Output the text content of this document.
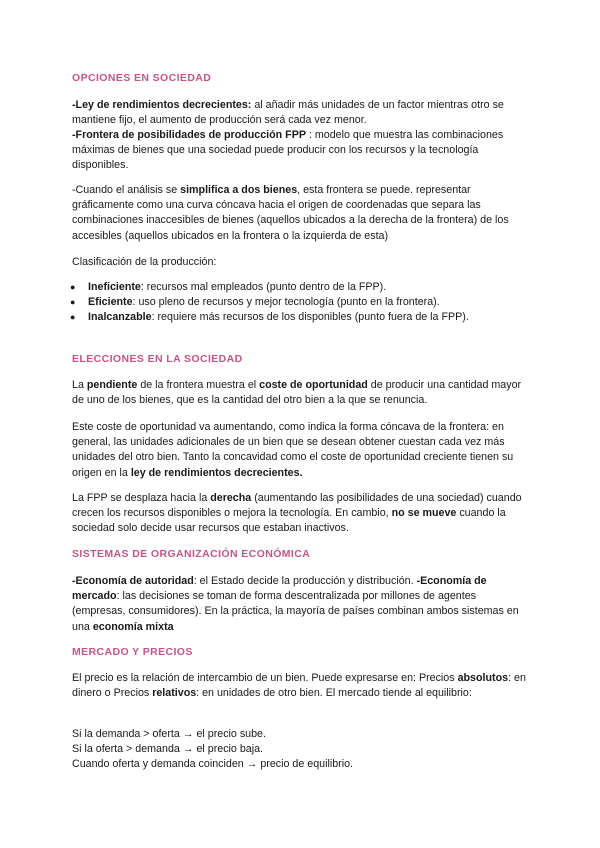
OPCIONES EN SOCIEDAD
-Ley de rendimientos decrecientes: al añadir más unidades de un factor mientras otro se mantiene fijo, el aumento de producción será cada vez menor.
-Frontera de posibilidades de producción FPP : modelo que muestra las combinaciones máximas de bienes que una sociedad puede producir con los recursos y la tecnología disponibles.
-Cuando el análisis se simplifica a dos bienes, esta frontera se puede. representar gráficamente como una curva cóncava hacia el origen de coordenadas que separa las combinaciones inaccesibles de bienes (aquellos ubicados a la derecha de la frontera) de los accesibles (aquellos ubicados en la frontera o la izquierda de esta)
Clasificación de la producción:
● Ineficiente: recursos mal empleados (punto dentro de la FPP).
● Eficiente: uso pleno de recursos y mejor tecnología (punto en la frontera).
● Inalcanzable: requiere más recursos de los disponibles (punto fuera de la FPP).
ELECCIONES EN LA SOCIEDAD
La pendiente de la frontera muestra el coste de oportunidad de producir una cantidad mayor de uno de los bienes, que es la cantidad del otro bien a la que se renuncia.
Este coste de oportunidad va aumentando, como indica la forma cóncava de la frontera: en general, las unidades adicionales de un bien que se desean obtener cuestan cada vez más unidades del otro bien. Tanto la concavidad como el coste de oportunidad creciente tienen su origen en la ley de rendimientos decrecientes.
La FPP se desplaza hacia la derecha (aumentando las posibilidades de una sociedad) cuando crecen los recursos disponibles o mejora la tecnología. En cambio, no se mueve cuando la sociedad solo decide usar recursos que estaban inactivos.
SISTEMAS DE ORGANIZACIÓN ECONÓMICA
-Economía de autoridad: el Estado decide la producción y distribución. -Economía de mercado: las decisiones se toman de forma descentralizada por millones de agentes (empresas, consumidores). En la práctica, la mayoría de países combinan ambos sistemas en una economía mixta
MERCADO Y PRECIOS
El precio es la relación de intercambio de un bien. Puede expresarse en: Precios absolutos: en dinero o Precios relativos: en unidades de otro bien. El mercado tiende al equilibrio:
Si la demanda > oferta → el precio sube.
Si la oferta > demanda → el precio baja.
Cuando oferta y demanda coinciden → precio de equilibrio.
